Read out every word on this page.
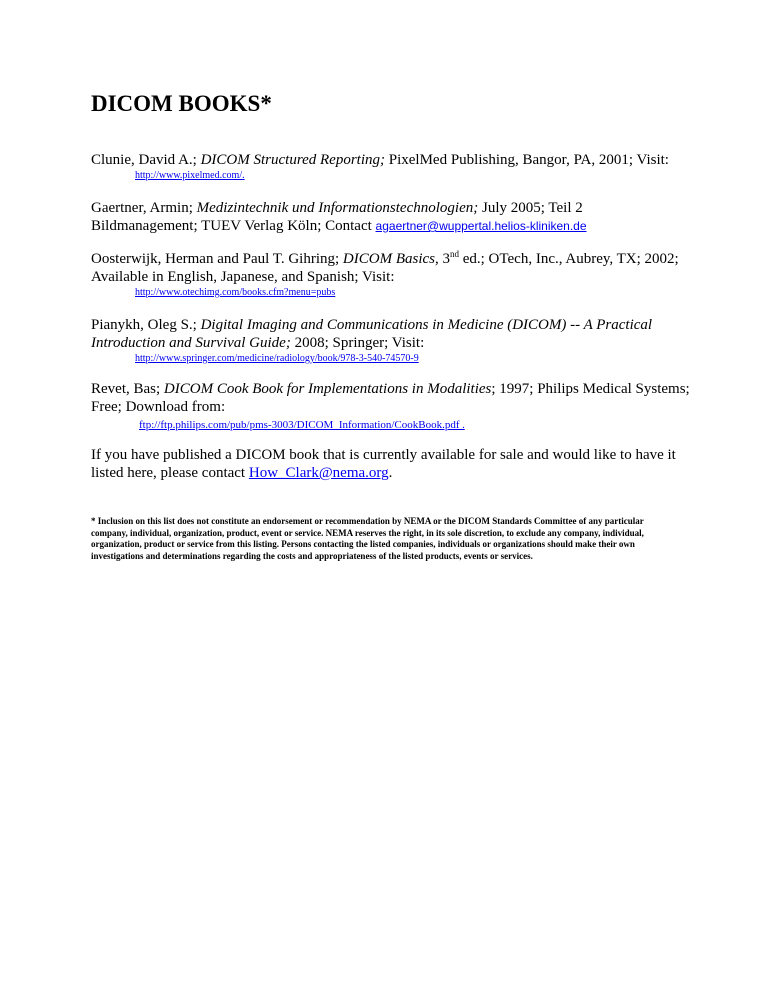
DICOM BOOKS*

Clunie, David A.; DICOM Structured Reporting; PixelMed Publishing, Bangor, PA, 2001; Visit:

http://www.pixelmed.com/.

Gaertner, Armin; Medizintechnik und Informationstechnologien; July 2005; Teil 2 Bildmanagement; TUEV Verlag Köln; Contact agaertner@wuppertal.helios-kliniken.de

Oosterwijk, Herman and Paul T. Gihring; DICOM Basics, 3nd ed.; OTech, Inc., Aubrey, TX; 2002; Available in English, Japanese, and Spanish; Visit:

http://www.otechimg.com/books.cfm?menu=pubs

Pianykh, Oleg S.; Digital Imaging and Communications in Medicine (DICOM) -- A Practical Introduction and Survival Guide; 2008; Springer; Visit:

http://www.springer.com/medicine/radiology/book/978-3-540-74570-9

Revet, Bas; DICOM Cook Book for Implementations in Modalities; 1997; Philips Medical Systems; Free; Download from:

ftp://ftp.philips.com/pub/pms-3003/DICOM_Information/CookBook.pdf .
If you have published a DICOM book that is currently available for sale and would like to have it listed here, please contact How_Clark@nema.org.
* Inclusion on this list does not constitute an endorsement or recommendation by NEMA or the DICOM Standards Committee of any particular company, individual, organization, product, event or service. NEMA reserves the right, in its sole discretion, to exclude any company, individual, organization, product or service from this listing. Persons contacting the listed companies, individuals or organizations should make their own investigations and determinations regarding the costs and appropriateness of the listed products, events or services.
